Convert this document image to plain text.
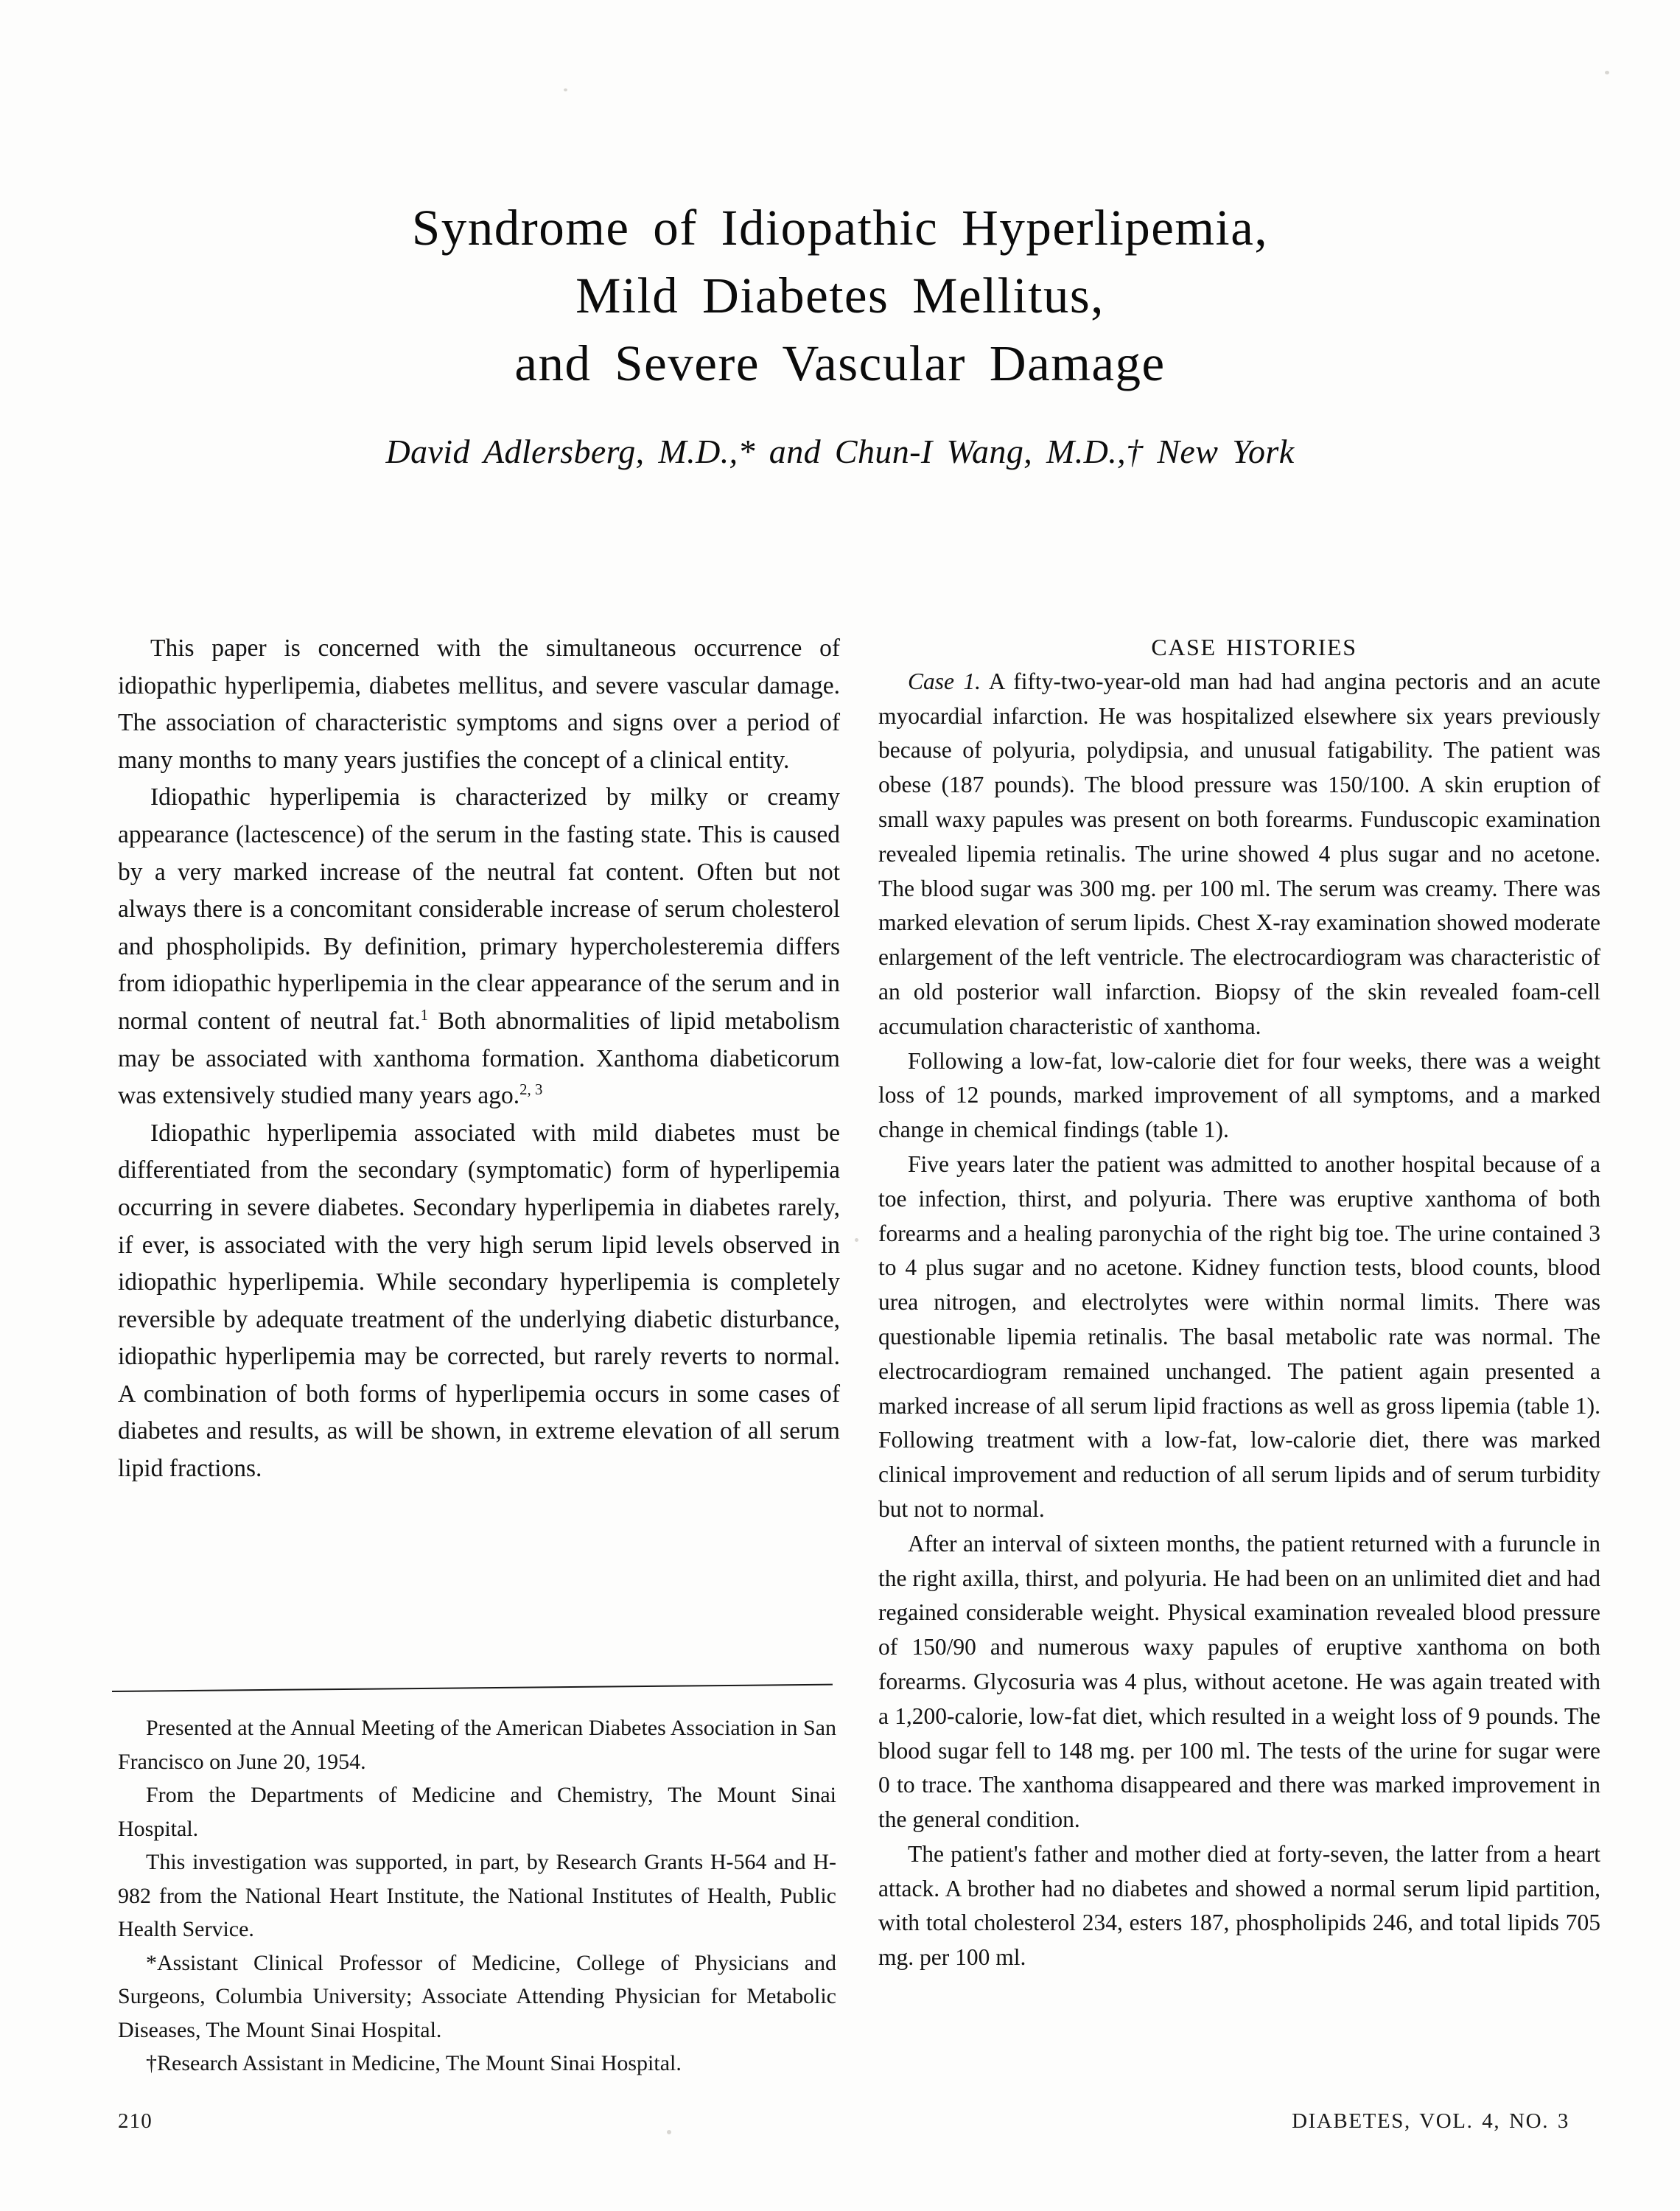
Syndrome of Idiopathic Hyperlipemia,
Mild Diabetes Mellitus,
and Severe Vascular Damage
David Adlersberg, M.D.,* and Chun-I Wang, M.D.,† New York

This paper is concerned with the simultaneous occurrence of idiopathic hyperlipemia, diabetes mellitus, and severe vascular damage. The association of characteristic symptoms and signs over a period of many months to many years justifies the concept of a clinical entity.

Idiopathic hyperlipemia is characterized by milky or creamy appearance (lactescence) of the serum in the fasting state. This is caused by a very marked increase of the neutral fat content. Often but not always there is a concomitant considerable increase of serum cholesterol and phospholipids. By definition, primary hypercholesteremia differs from idiopathic hyperlipemia in the clear appearance of the serum and in normal content of neutral fat.$^1$ Both abnormalities of lipid metabolism may be associated with xanthoma formation. Xanthoma diabeticorum was extensively studied many years ago.$^{2, 3}$

Idiopathic hyperlipemia associated with mild diabetes must be differentiated from the secondary (symptomatic) form of hyperlipemia occurring in severe diabetes. Secondary hyperlipemia in diabetes rarely, if ever, is associated with the very high serum lipid levels observed in idiopathic hyperlipemia. While secondary hyperlipemia is completely reversible by adequate treatment of the underlying diabetic disturbance, idiopathic hyperlipemia may be corrected, but rarely reverts to normal. A combination of both forms of hyperlipemia occurs in some cases of diabetes and results, as will be shown, in extreme elevation of all serum lipid fractions.

Presented at the Annual Meeting of the American Diabetes Association in San Francisco on June 20, 1954.

From the Departments of Medicine and Chemistry, The Mount Sinai Hospital.

This investigation was supported, in part, by Research Grants H-564 and H-982 from the National Heart Institute, the National Institutes of Health, Public Health Service.

*Assistant Clinical Professor of Medicine, College of Physicians and Surgeons, Columbia University; Associate Attending Physician for Metabolic Diseases, The Mount Sinai Hospital.

†Research Assistant in Medicine, The Mount Sinai Hospital.

CASE HISTORIES

Case 1. A fifty-two-year-old man had had angina pectoris and an acute myocardial infarction. He was hospitalized elsewhere six years previously because of polyuria, polydipsia, and unusual fatigability. The patient was obese (187 pounds). The blood pressure was 150/100. A skin eruption of small waxy papules was present on both forearms. Funduscopic examination revealed lipemia retinalis. The urine showed 4 plus sugar and no acetone. The blood sugar was 300 mg. per 100 ml. The serum was creamy. There was marked elevation of serum lipids. Chest X-ray examination showed moderate enlargement of the left ventricle. The electrocardiogram was characteristic of an old posterior wall infarction. Biopsy of the skin revealed foam-cell accumulation characteristic of xanthoma.

Following a low-fat, low-calorie diet for four weeks, there was a weight loss of 12 pounds, marked improvement of all symptoms, and a marked change in chemical findings (table 1).

Five years later the patient was admitted to another hospital because of a toe infection, thirst, and polyuria. There was eruptive xanthoma of both forearms and a healing paronychia of the right big toe. The urine contained 3 to 4 plus sugar and no acetone. Kidney function tests, blood counts, blood urea nitrogen, and electrolytes were within normal limits. There was questionable lipemia retinalis. The basal metabolic rate was normal. The electrocardiogram remained unchanged. The patient again presented a marked increase of all serum lipid fractions as well as gross lipemia (table 1). Following treatment with a low-fat, low-calorie diet, there was marked clinical improvement and reduction of all serum lipids and of serum turbidity but not to normal.

After an interval of sixteen months, the patient returned with a furuncle in the right axilla, thirst, and polyuria. He had been on an unlimited diet and had regained considerable weight. Physical examination revealed blood pressure of 150/90 and numerous waxy papules of eruptive xanthoma on both forearms. Glycosuria was 4 plus, without acetone. He was again treated with a 1,200-calorie, low-fat diet, which resulted in a weight loss of 9 pounds. The blood sugar fell to 148 mg. per 100 ml. The tests of the urine for sugar were 0 to trace. The xanthoma disappeared and there was marked improvement in the general condition.

The patient's father and mother died at forty-seven, the latter from a heart attack. A brother had no diabetes and showed a normal serum lipid partition, with total cholesterol 234, esters 187, phospholipids 246, and total lipids 705 mg. per 100 ml.

210	DIABETES, VOL. 4, NO. 3
